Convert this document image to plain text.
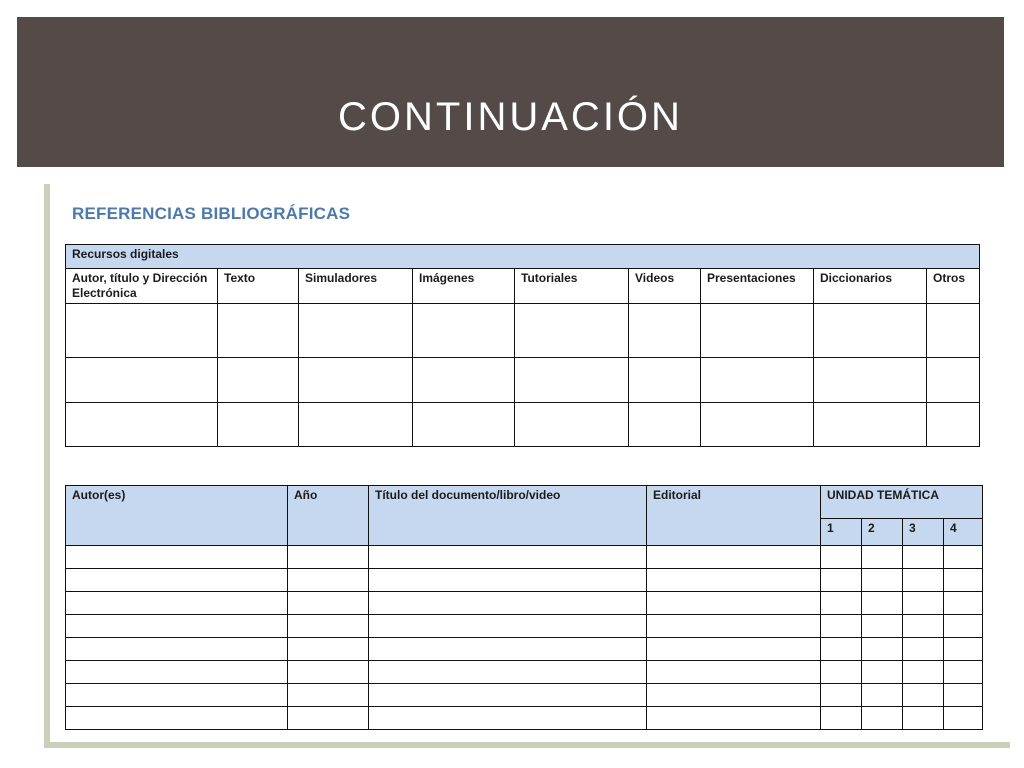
CONTINUACIÓN
REFERENCIAS BIBLIOGRÁFICAS
Recursos digitales								
Autor, título y Dirección Electrónica	Texto	Simuladores	Imágenes	Tutoriales	Videos	Presentaciones	Diccionarios	Otros

Autor(es)	Año	Título del documento/libro/video	Editorial	UNIDAD TEMÁTICA			
				1	2	3	4
